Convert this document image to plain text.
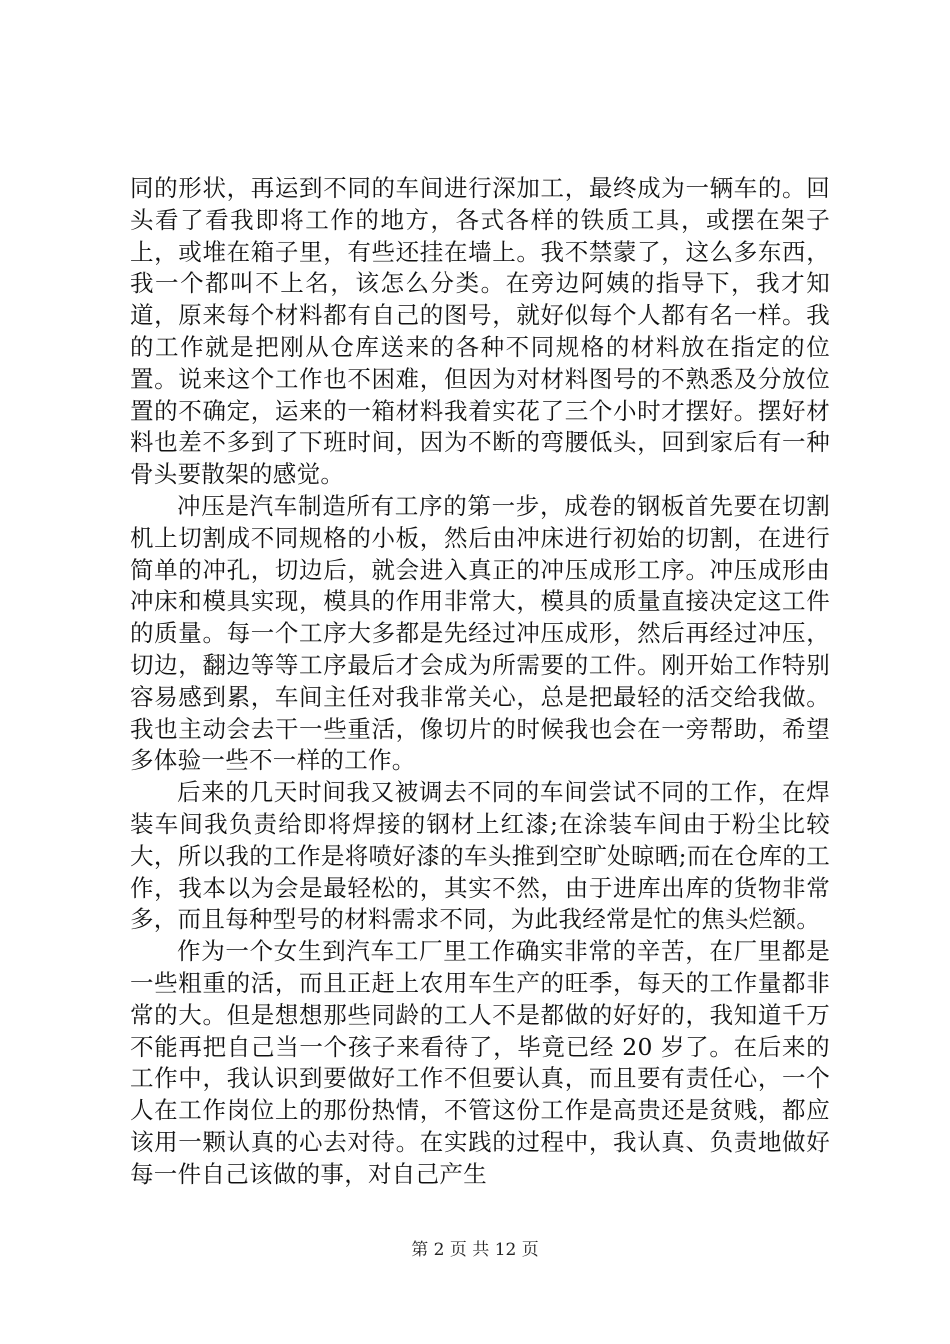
同的形状，再运到不同的车间进行深加工，最终成为一辆车的。回头看了看我即将工作的地方，各式各样的铁质工具，或摆在架子上，或堆在箱子里，有些还挂在墙上。我不禁蒙了，这么多东西，我一个都叫不上名，该怎么分类。在旁边阿姨的指导下，我才知道，原来每个材料都有自己的图号，就好似每个人都有名一样。我的工作就是把刚从仓库送来的各种不同规格的材料放在指定的位置。说来这个工作也不困难，但因为对材料图号的不熟悉及分放位置的不确定，运来的一箱材料我着实花了三个小时才摆好。摆好材料也差不多到了下班时间，因为不断的弯腰低头，回到家后有一种骨头要散架的感觉。

冲压是汽车制造所有工序的第一步，成卷的钢板首先要在切割机上切割成不同规格的小板，然后由冲床进行初始的切割，在进行简单的冲孔，切边后，就会进入真正的冲压成形工序。冲压成形由冲床和模具实现，模具的作用非常大，模具的质量直接决定这工件的质量。每一个工序大多都是先经过冲压成形，然后再经过冲压，切边，翻边等等工序最后才会成为所需要的工件。刚开始工作特别容易感到累，车间主任对我非常关心，总是把最轻的活交给我做。我也主动会去干一些重活，像切片的时候我也会在一旁帮助，希望多体验一些不一样的工作。

后来的几天时间我又被调去不同的车间尝试不同的工作，在焊装车间我负责给即将焊接的钢材上红漆;在涂装车间由于粉尘比较大，所以我的工作是将喷好漆的车头推到空旷处晾晒;而在仓库的工作，我本以为会是最轻松的，其实不然，由于进库出库的货物非常多，而且每种型号的材料需求不同，为此我经常是忙的焦头烂额。

作为一个女生到汽车工厂里工作确实非常的辛苦，在厂里都是一些粗重的活，而且正赶上农用车生产的旺季，每天的工作量都非常的大。但是想想那些同龄的工人不是都做的好好的，我知道千万不能再把自己当一个孩子来看待了，毕竟已经 20 岁了。在后来的工作中，我认识到要做好工作不但要认真，而且要有责任心，一个人在工作岗位上的那份热情，不管这份工作是高贵还是贫贱，都应该用一颗认真的心去对待。在实践的过程中，我认真、负责地做好每一件自己该做的事，对自己产生

第 2 页 共 12 页
